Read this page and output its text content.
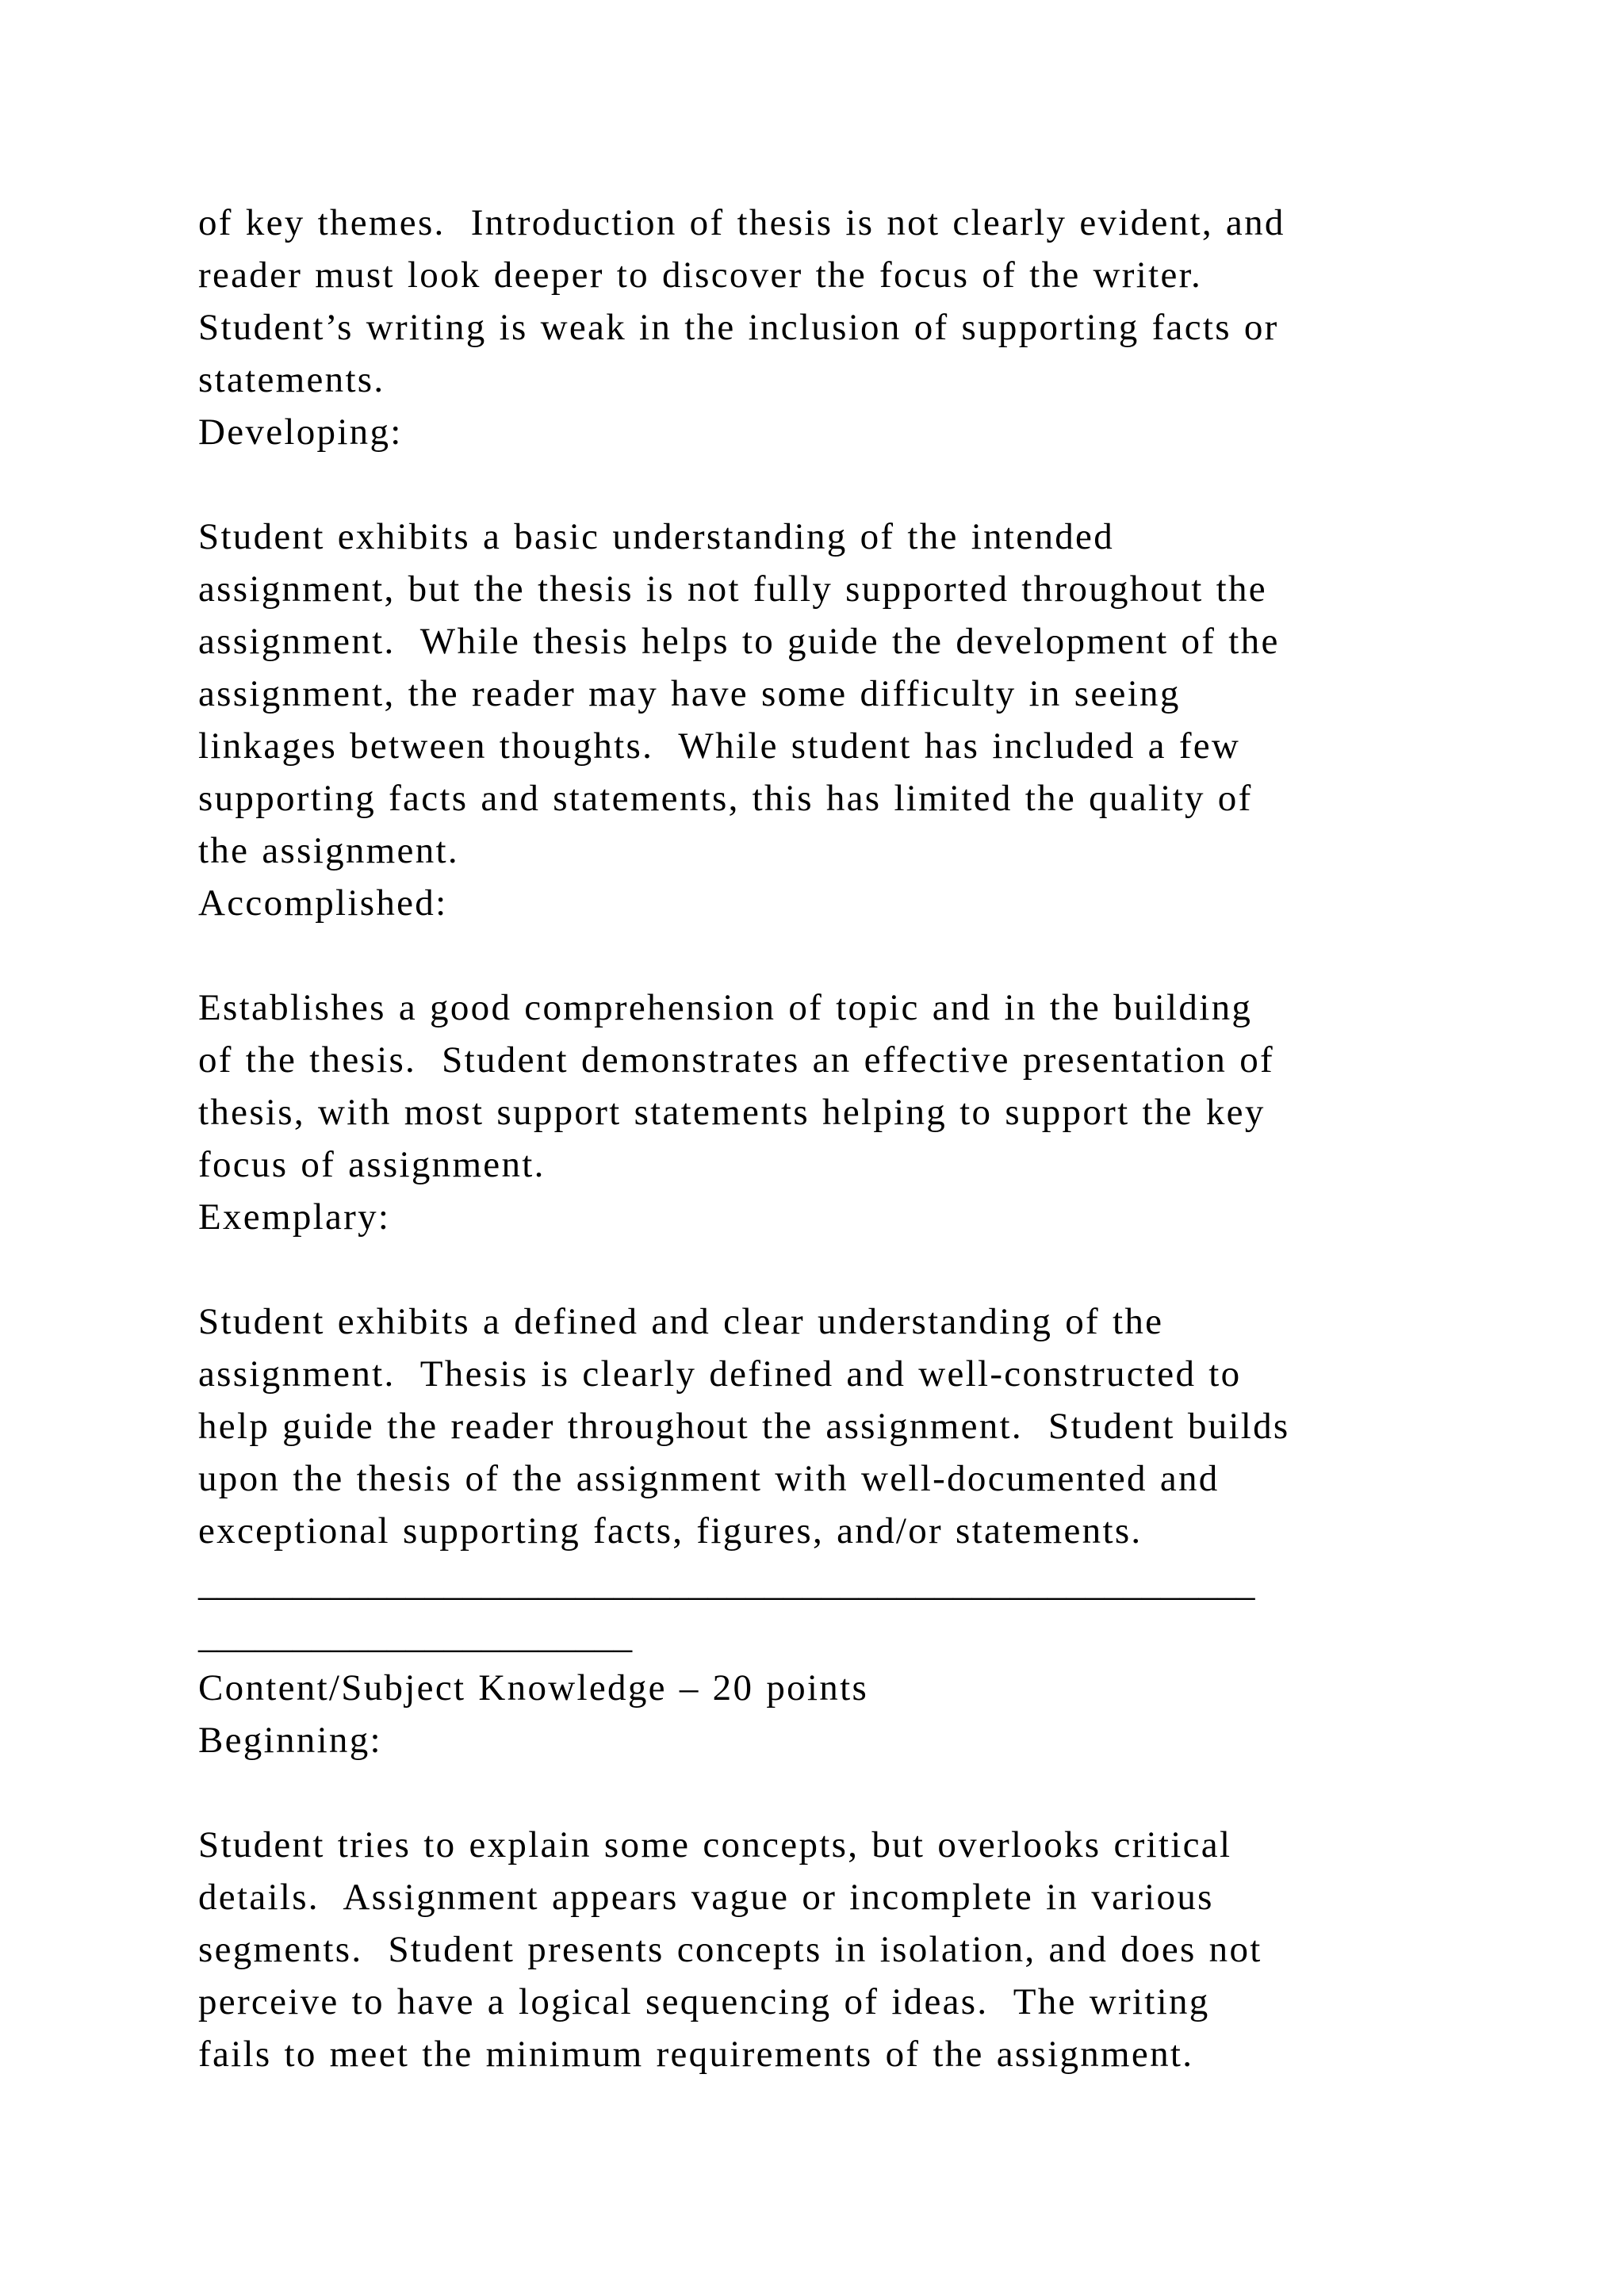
of key themes.  Introduction of thesis is not clearly evident, and
reader must look deeper to discover the focus of the writer.
Student’s writing is weak in the inclusion of supporting facts or
statements.
Developing:
Student exhibits a basic understanding of the intended
assignment, but the thesis is not fully supported throughout the
assignment.  While thesis helps to guide the development of the
assignment, the reader may have some difficulty in seeing
linkages between thoughts.  While student has included a few
supporting facts and statements, this has limited the quality of
the assignment.
Accomplished:
Establishes a good comprehension of topic and in the building
of the thesis.  Student demonstrates an effective presentation of
thesis, with most support statements helping to support the key
focus of assignment.
Exemplary:
Student exhibits a defined and clear understanding of the
assignment.  Thesis is clearly defined and well-constructed to
help guide the reader throughout the assignment.  Student builds
upon the thesis of the assignment with well-documented and
exceptional supporting facts, figures, and/or statements.
________________________________________________________
_______________________
Content/Subject Knowledge – 20 points
Beginning:
Student tries to explain some concepts, but overlooks critical
details.  Assignment appears vague or incomplete in various
segments.  Student presents concepts in isolation, and does not
perceive to have a logical sequencing of ideas.  The writing
fails to meet the minimum requirements of the assignment.
